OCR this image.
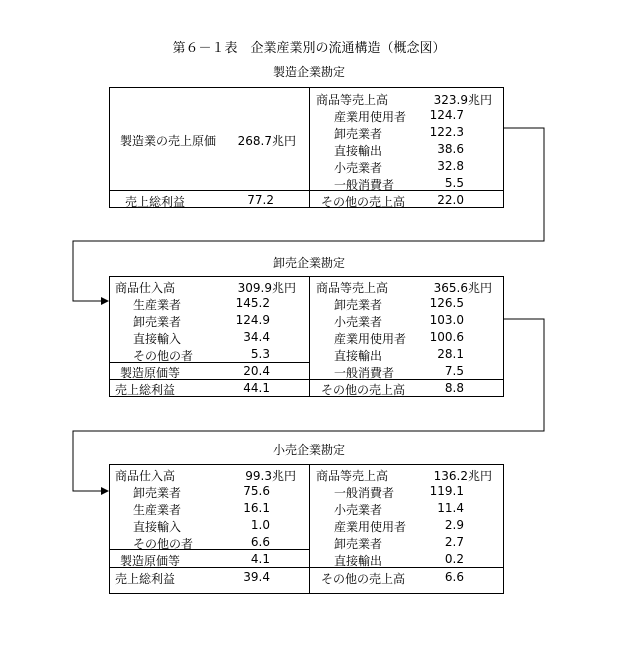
第６－１表　企業産業別の流通構造（概念図）
製造企業勘定
製造業の売上原価	268.7兆円
売上総利益	77.2
商品等売上高	323.9兆円
産業用使用者	124.7
卸売業者	122.3
直接輸出	38.6
小売業者	32.8
一般消費者	5.5
その他の売上高	22.0
卸売企業勘定
商品仕入高	309.9兆円
生産業者	145.2
卸売業者	124.9
直接輸入	34.4
その他の者	5.3
製造原価等	20.4
売上総利益	44.1
商品等売上高	365.6兆円
卸売業者	126.5
小売業者	103.0
産業用使用者	100.6
直接輸出	28.1
一般消費者	7.5
その他の売上高	8.8
小売企業勘定
商品仕入高	99.3兆円
卸売業者	75.6
生産業者	16.1
直接輸入	1.0
その他の者	6.6
製造原価等	4.1
売上総利益	39.4
商品等売上高	136.2兆円
一般消費者	119.1
小売業者	11.4
産業用使用者	2.9
卸売業者	2.7
直接輸出	0.2
その他の売上高	6.6
